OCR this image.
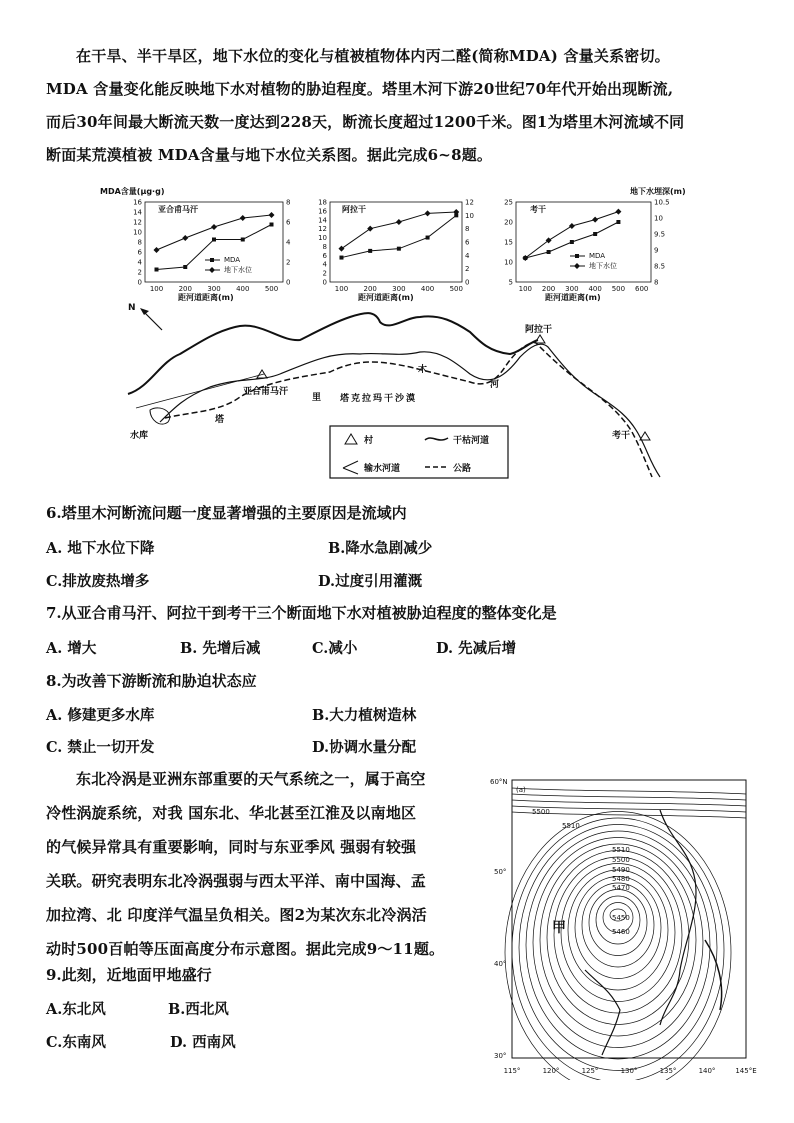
在干旱、半干旱区，地下水位的变化与植被植物体内丙二醛(简称MDA) 含量关系密切。
MDA 含量变化能反映地下水对植物的胁迫程度。塔里木河下游20世纪70年代开始出现断流,
而后30年间最大断流天数一度达到228天，断流长度超过1200千米。图1为塔里木河流域不同
断面某荒漠植被 MDA含量与地下水位关系图。据此完成6~8题。
MDA含量(μg·g)
亚合甫马汗
0
2
4
6
8
10
12
14
16
0
2
4
6
8
100 200 300 400 500
MDA
地下水位
距河道距离(m)
阿拉干
0
2
4
6
8
10
12
14
16
18
0
2
4
6
8
10
12
100 200 300 400 500
距河道距离(m)
地下水埋深(m)
考干
5
10
15
20
25
8
8.5
9
9.5
10
10.5
100 200 300 400 500 600
MDA
地下水位
距河道距离(m)
N
水库
亚合甫马汗
阿拉干
考干
塔
里
木
河
塔克拉玛干沙漠
村	干枯河道
输水河道	公路
6.塔里木河断流问题一度显著增强的主要原因是流域内
A. 地下水位下降	B.降水急剧减少
C.排放废热增多	D.过度引用灌溉
7.从亚合甫马汗、阿拉干到考干三个断面地下水对植被胁迫程度的整体变化是
A. 增大	B. 先增后减	C.减小	D. 先减后增
8.为改善下游断流和胁迫状态应
A. 修建更多水库	B.大力植树造林
C. 禁止一切开发	D.协调水量分配
东北冷涡是亚洲东部重要的天气系统之一，属于高空
冷性涡旋系统，对我 国东北、华北甚至江淮及以南地区
的气候异常具有重要影响，同时与东亚季风 强弱有较强
关联。研究表明东北冷涡强弱与西太平洋、南中国海、孟
加拉湾、北 印度洋气温呈负相关。图2为某次东北冷涡活
动时500百帕等压面高度分布示意图。据此完成9～11题。
9.此刻，近地面甲地盛行
A.东北风	B.西北风
C.东南风	D. 西南风
(a)
5500
5510
5510
5500
5490
5480
5470
5460
5450
甲
60°N
50°
40°
30°
115°	120°	125°	130°	135°	140°	145°E
